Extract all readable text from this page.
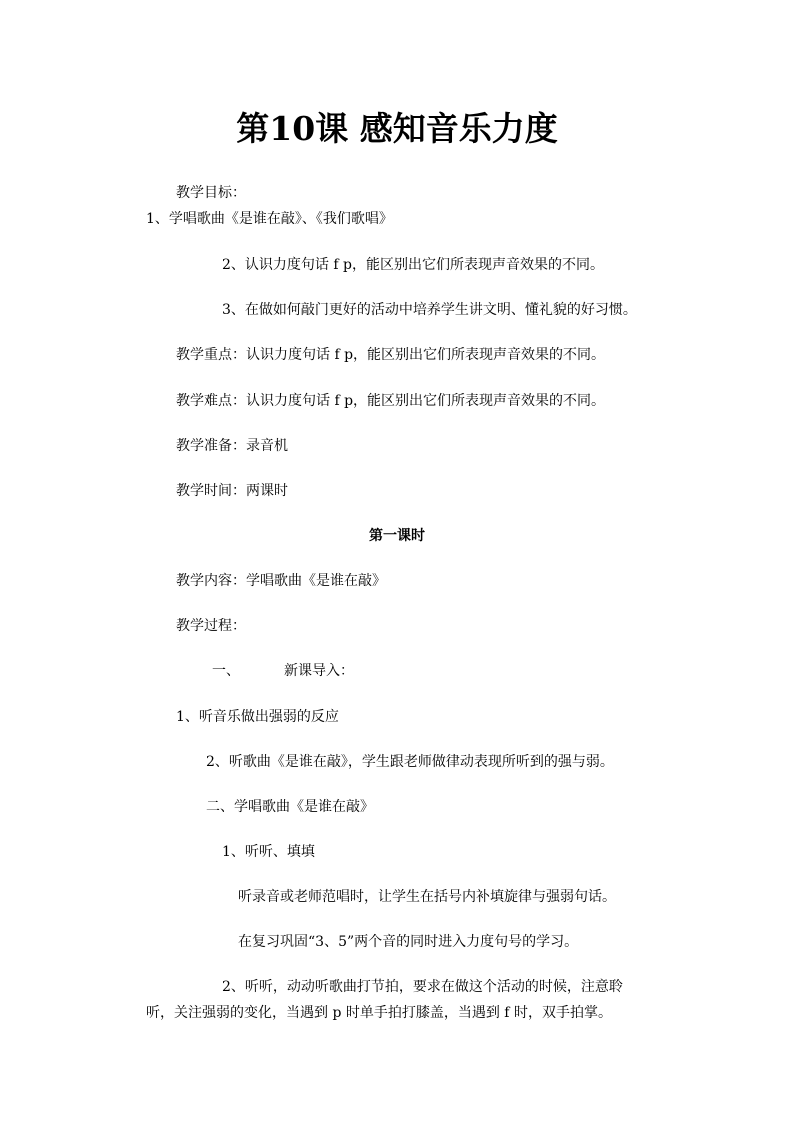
第10课 感知音乐力度
教学目标：
1、学唱歌曲《是谁在敲》、《我们歌唱》
2、认识力度句话 f p，能区别出它们所表现声音效果的不同。
3、在做如何敲门更好的活动中培养学生讲文明、懂礼貌的好习惯。
教学重点：认识力度句话 f p，能区别出它们所表现声音效果的不同。
教学难点：认识力度句话 f p，能区别出它们所表现声音效果的不同。
教学准备：录音机
教学时间：两课时
第一课时
教学内容：学唱歌曲《是谁在敲》
教学过程：
一、	新课导入：
1、听音乐做出强弱的反应
2、听歌曲《是谁在敲》，学生跟老师做律动表现所听到的强与弱。
二、学唱歌曲《是谁在敲》
1、听听、填填
听录音或老师范唱时，让学生在括号内补填旋律与强弱句话。
在复习巩固“3、5”两个音的同时进入力度句号的学习。
2、听听，动动听歌曲打节拍，要求在做这个活动的时候，注意聆
听，关注强弱的变化，当遇到 p 时单手拍打膝盖，当遇到 f 时，双手拍掌。
